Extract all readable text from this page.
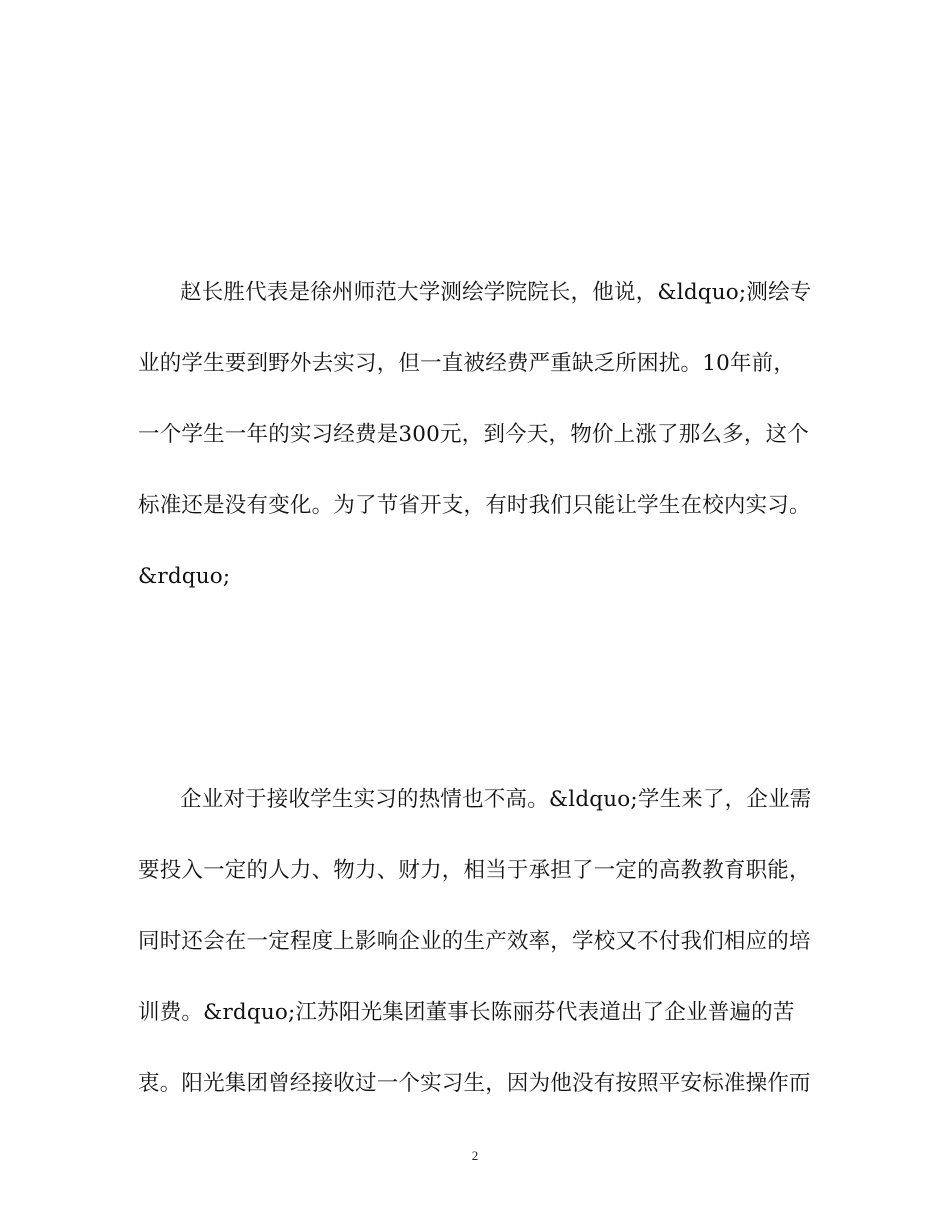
赵长胜代表是徐州师范大学测绘学院院长，他说，&ldquo;测绘专
业的学生要到野外去实习，但一直被经费严重缺乏所困扰。10年前，
一个学生一年的实习经费是300元，到今天，物价上涨了那么多，这个
标准还是没有变化。为了节省开支，有时我们只能让学生在校内实习。
&rdquo;
企业对于接收学生实习的热情也不高。&ldquo;学生来了，企业需
要投入一定的人力、物力、财力，相当于承担了一定的高教教育职能，
同时还会在一定程度上影响企业的生产效率，学校又不付我们相应的培
训费。&rdquo;江苏阳光集团董事长陈丽芬代表道出了企业普遍的苦
衷。阳光集团曾经接收过一个实习生，因为他没有按照平安标准操作而
2
